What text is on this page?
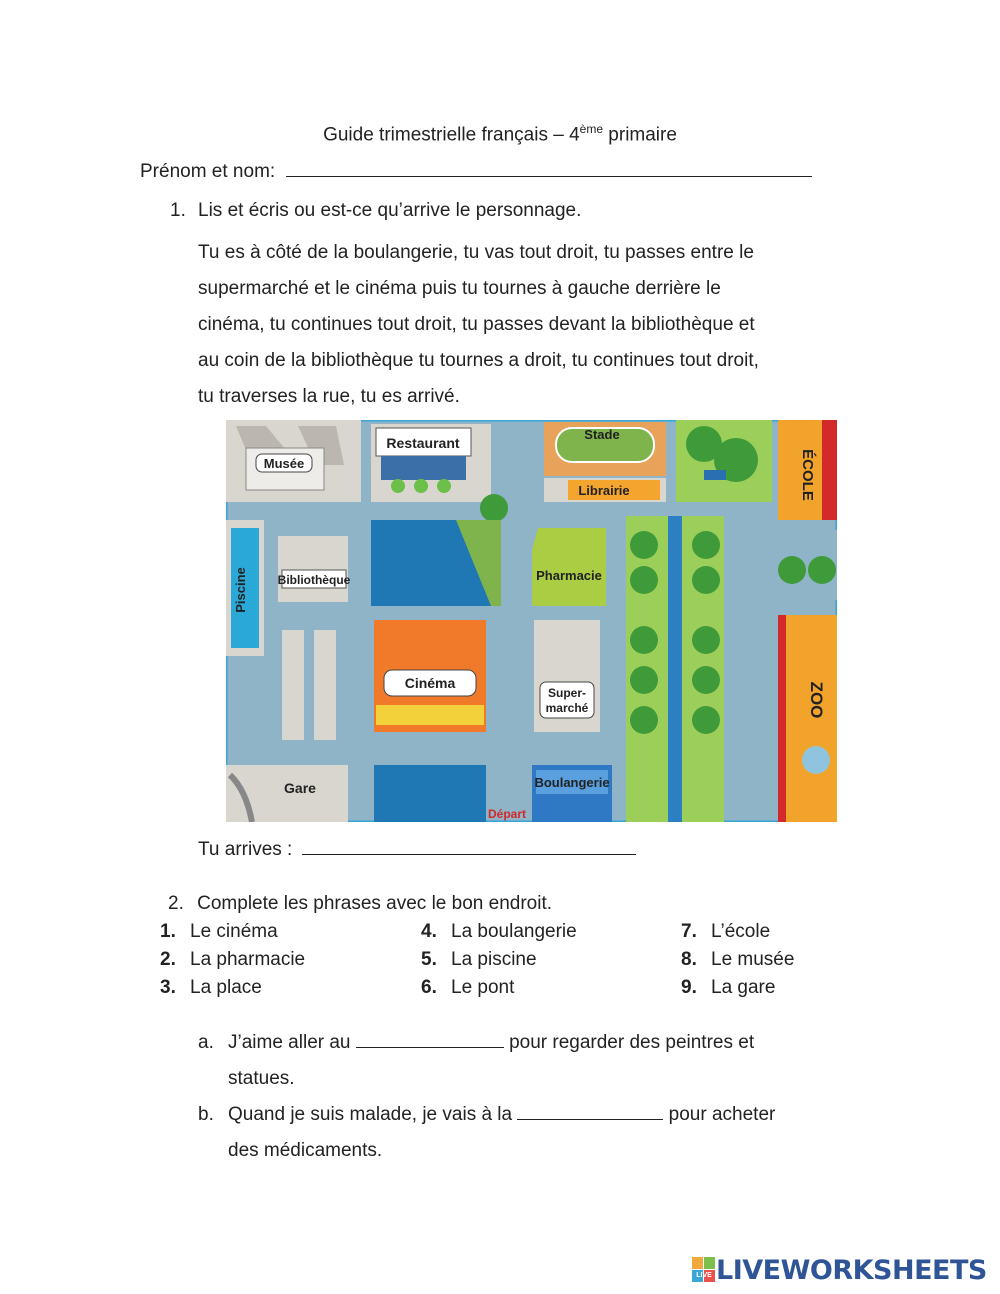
Guide trimestrielle français – 4ème primaire
Prénom et nom:
1. Lis et écris ou est-ce qu’arrive le personnage.
Tu es à côté de la boulangerie, tu vas tout droit, tu passes entre le
supermarché et le cinéma puis tu tournes à gauche derrière le
cinéma, tu continues tout droit, tu passes devant la bibliothèque et
au coin de la bibliothèque tu tournes a droit, tu continues tout droit,
tu traverses la rue, tu es arrivé.
Musée
Restaurant
Stade
Librairie	ÉCOLE
Piscine Bibliothèque	Pharmacie
ZOO
Cinéma
Super-
marché
Gare	Boulangerie
Départ
Tu arrives :
2. Complete les phrases avec le bon endroit.
1. Le cinéma
2. La pharmacie
3. La place
4. La boulangerie
5. La piscine
6. Le pont
7. L’école
8. Le musée
9. La gare
a. J’aime aller au	pour regarder des peintres et
statues.
b. Quand je suis malade, je vais à la	pour acheter
des médicaments.
LIVE LIVEWORKSHEETS
